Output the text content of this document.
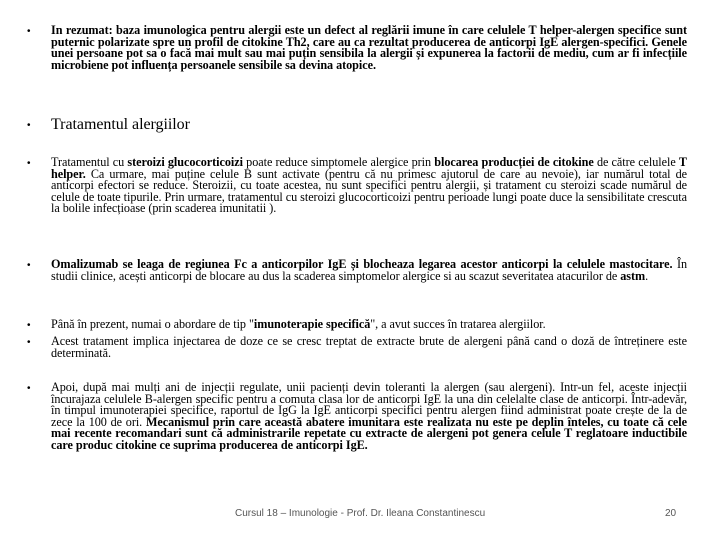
•	In rezumat: baza imunologica pentru alergii este un defect al reglării imune în care celulele T helper-alergen specifice sunt puternic polarizate spre un profil de citokine Th2, care au ca rezultat producerea de anticorpi IgE alergen-specifici. Genele unei persoane pot sa o facă mai mult sau mai puțin sensibila la alergii și expunerea la factorii de mediu, cum ar fi infecțiile microbiene pot influența persoanele sensibile sa devina atopice.
•	Tratamentul alergiilor
•	Tratamentul cu steroizi glucocorticoizi poate reduce simptomele alergice prin blocarea producției de citokine de către celulele T helper. Ca urmare, mai puține celule B sunt activate (pentru că nu primesc ajutorul de care au nevoie), iar numărul total de anticorpi efectori se reduce. Steroizii, cu toate acestea, nu sunt specifici pentru alergii, și tratament cu steroizi scade numărul de celule de toate tipurile. Prin urmare, tratamentul cu steroizi glucocorticoizi pentru perioade lungi poate duce la sensibilitate crescuta la bolile infecțioase (prin scaderea imunitatii ).
•	Omalizumab se leaga de regiunea Fc a anticorpilor IgE și blocheaza legarea acestor anticorpi la celulele mastocitare. În studii clinice, acești anticorpi de blocare au dus la scaderea simptomelor alergice si au scazut severitatea atacurilor de astm.
•	Până în prezent, numai o abordare de tip "imunoterapie specifică", a avut succes în tratarea alergiilor.
•	Acest tratament implica injectarea de doze ce se cresc treptat de extracte brute de alergeni până cand o doză de întreținere este determinată.
•	Apoi, după mai mulți ani de injecții regulate, unii pacienți devin toleranti la alergen (sau alergeni). Intr-un fel, aceste injecții încurajaza celulele B-alergen specific pentru a comuta clasa lor de anticorpi IgE la una din celelalte clase de anticorpi. Într-adevăr, în timpul imunoterapiei specifice, raportul de IgG la IgE anticorpi specifici pentru alergen fiind administrat poate crește de la de zece la 100 de ori. Mecanismul prin care această abatere imunitara este realizata nu este pe deplin înteles, cu toate că cele mai recente recomandari sunt că administrarile repetate cu extracte de alergeni pot genera celule T reglatoare inductibile care produc citokine ce suprima producerea de anticorpi IgE.
Cursul 18 – Imunologie - Prof. Dr. Ileana Constantinescu	20
